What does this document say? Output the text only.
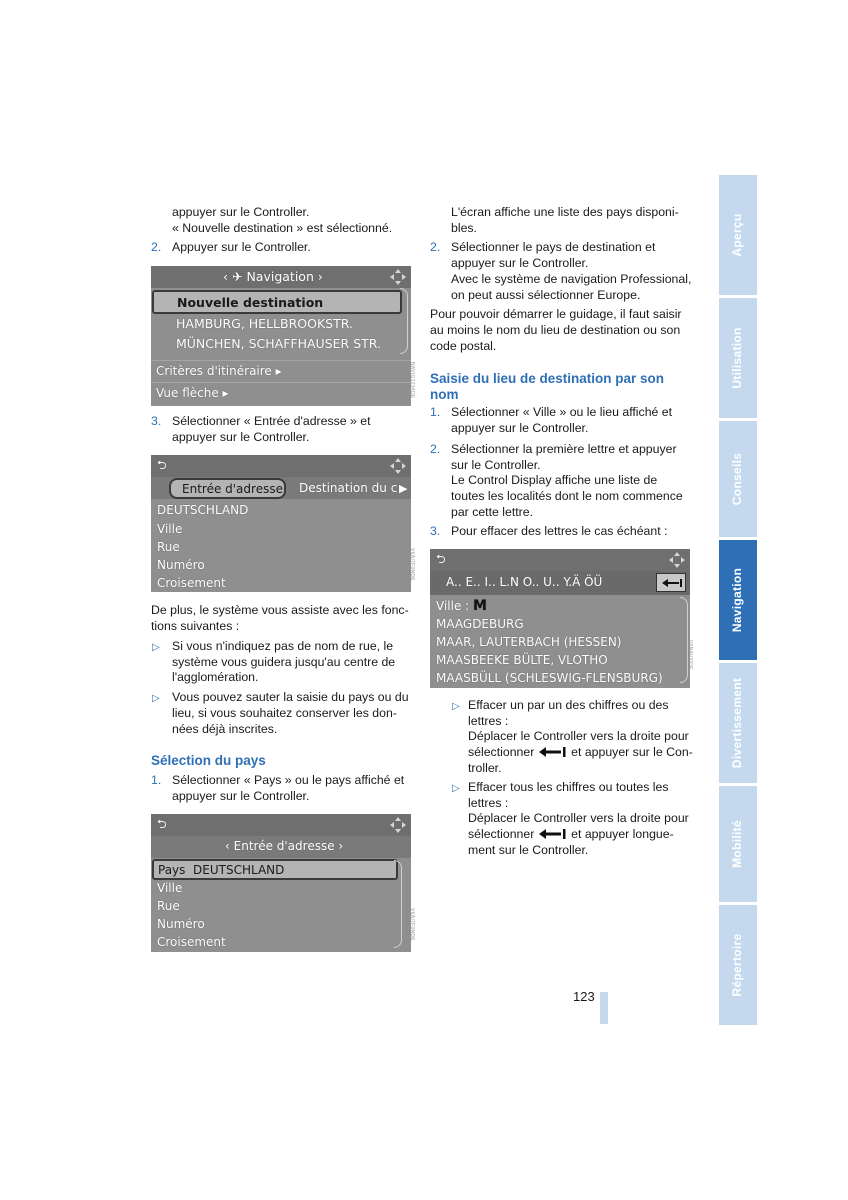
Aperçu
Utilisation
Conseils
Navigation
Divertissement
Mobilité
Répertoire
appuyer sur le Controller.
« Nouvelle destination » est sélectionné.
2. Appuyer sur le Controller.
‹ ✈ Navigation ›
Nouvelle destination
HAMBURG, HELLBROOKSTR.
MÜNCHEN, SCHAFFHAUSER STR.
Critères d'itinéraire ▸
Vue flèche ▸	NAVIG1234DE
3. Sélectionner « Entrée d'adresse » et
appuyer sur le Controller.
⮌
Entrée d'adresse Destination du c ▶
DEUTSCHLAND
Ville
Rue
Numéro
Croisement
V6AI7F0NDE
De plus, le système vous assiste avec les fonc-
tions suivantes :
▷ Si vous n'indiquez pas de nom de rue, le
système vous guidera jusqu'au centre de
l'agglomération.
▷ Vous pouvez sauter la saisie du pays ou du
lieu, si vous souhaitez conserver les don-
nées déjà inscrites.
Sélection du pays
1. Sélectionner « Pays » ou le pays affiché et
appuyer sur le Controller.
⮌
‹ Entrée d'adresse ›
Pays DEUTSCHLAND
Ville
Rue
Numéro
Croisement
V6AI7F0NDE
L'écran affiche une liste des pays disponi-
bles.
2. Sélectionner le pays de destination et
appuyer sur le Controller.
Avec le système de navigation Professional,
on peut aussi sélectionner Europe.
Pour pouvoir démarrer le guidage, il faut saisir
au moins le nom du lieu de destination ou son
code postal.
Saisie du lieu de destination par son
nom
1. Sélectionner « Ville » ou le lieu affiché et
appuyer sur le Controller.
2. Sélectionner la première lettre et appuyer
sur le Controller.
Le Control Display affiche une liste de
toutes les localités dont le nom commence
par cette lettre.
3. Pour effacer des lettres le cas échéant :
⮌
A.. E.. I.. L.N O.. U.. Y.Ä ÖÜ
Ville : M
MAAGDEBURG
MAAR, LAUTERBACH (HESSEN)
MAASBEEKE BÜLTE, VLOTHO
MAASBÜLL (SCHLESWIG-FLENSBURG)
V6NAVI0DE
▷ Effacer un par un des chiffres ou des
lettres :
Déplacer le Controller vers la droite pour
sélectionner	et appuyer sur le Con-
troller.
▷ Effacer tous les chiffres ou toutes les
lettres :
Déplacer le Controller vers la droite pour
sélectionner	et appuyer longue-
ment sur le Controller.
123
